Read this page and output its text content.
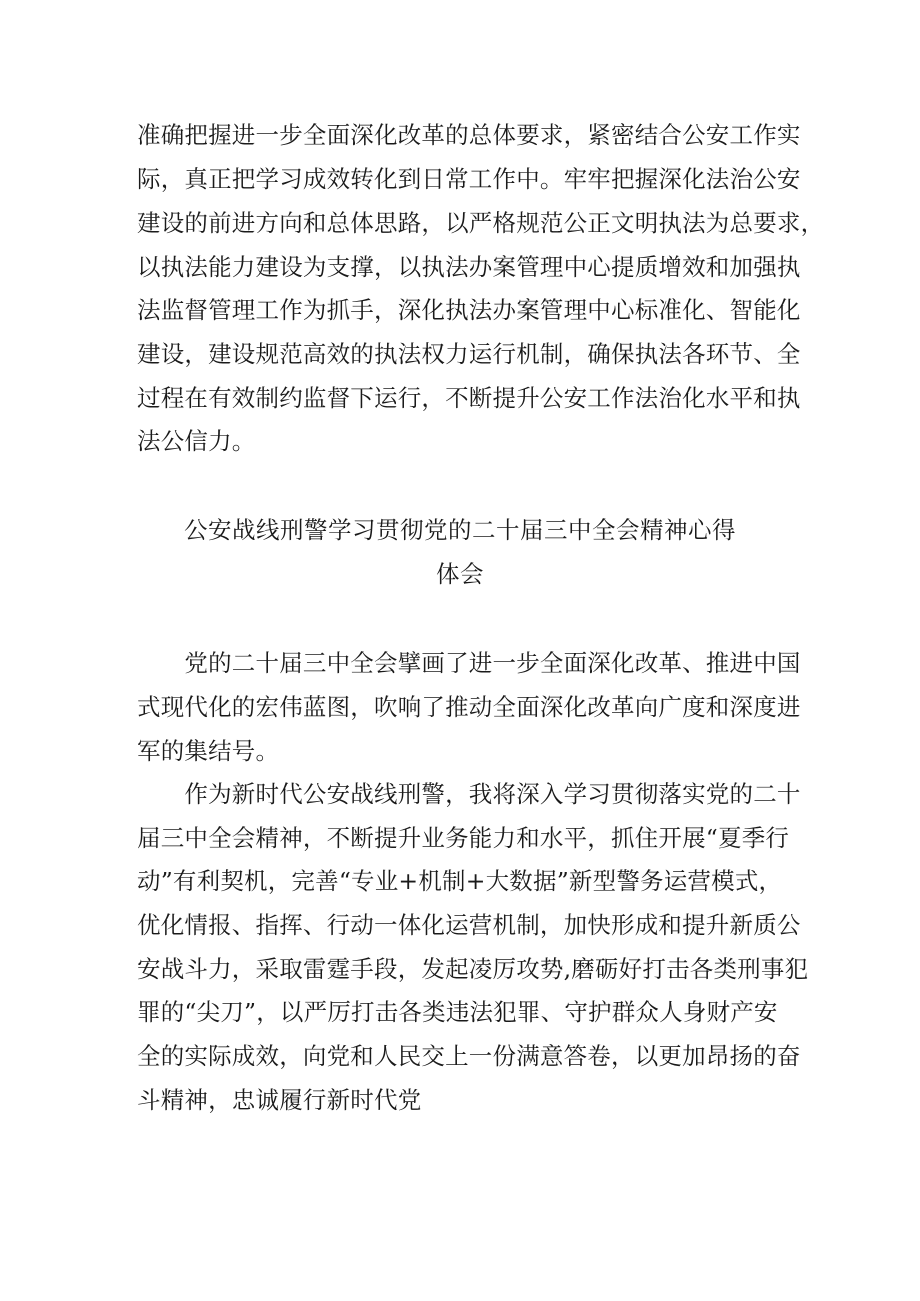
准确把握进一步全面深化改革的总体要求，紧密结合公安工作实
际，真正把学习成效转化到日常工作中。牢牢把握深化法治公安
建设的前进方向和总体思路，以严格规范公正文明执法为总要求，
以执法能力建设为支撑，以执法办案管理中心提质增效和加强执
法监督管理工作为抓手，深化执法办案管理中心标准化、智能化
建设，建设规范高效的执法权力运行机制，确保执法各环节、全
过程在有效制约监督下运行，不断提升公安工作法治化水平和执
法公信力。
公安战线刑警学习贯彻党的二十届三中全会精神心得
体会
　　党的二十届三中全会擘画了进一步全面深化改革、推进中国
式现代化的宏伟蓝图，吹响了推动全面深化改革向广度和深度进
军的集结号。
　　作为新时代公安战线刑警，我将深入学习贯彻落实党的二十
届三中全会精神，不断提升业务能力和水平，抓住开展“夏季行
动”有利契机，完善“专业+机制+大数据”新型警务运营模式，
优化情报、指挥、行动一体化运营机制，加快形成和提升新质公
安战斗力，采取雷霆手段，发起凌厉攻势,磨砺好打击各类刑事犯
罪的“尖刀”，以严厉打击各类违法犯罪、守护群众人身财产安
全的实际成效，向党和人民交上一份满意答卷，以更加昂扬的奋
斗精神，忠诚履行新时代党
